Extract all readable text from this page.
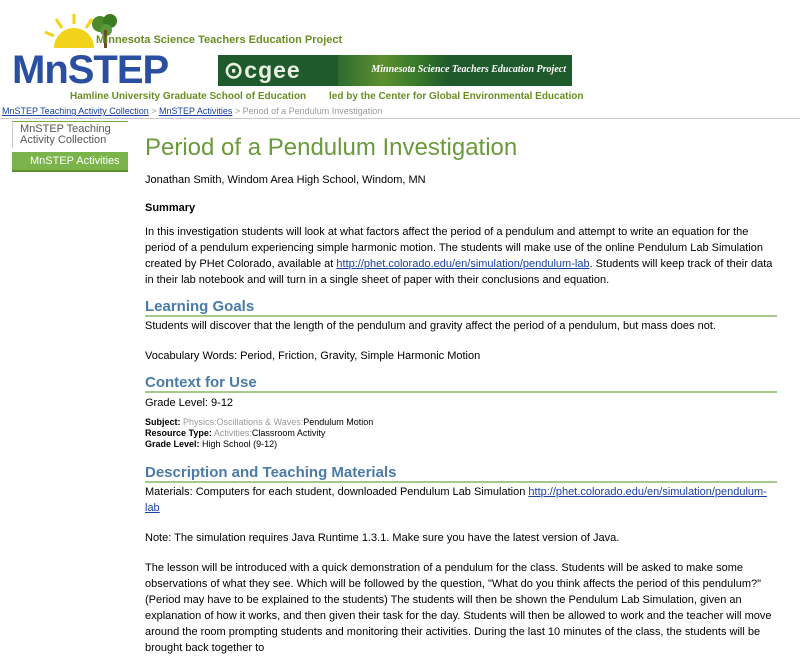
Minnesota Science Teachers Education Project
MnSTEP
Hamline University Graduate School of Education
⊙cgee	Minnesota Science Teachers Education Project
led by the Center for Global Environmental Education
MnSTEP Teaching Activity Collection > MnSTEP Activities > Period of a Pendulum Investigation
MnSTEP Teaching Activity Collection
MnSTEP Activities	Period of a Pendulum Investigation
Jonathan Smith, Windom Area High School, Windom, MN
Summary

In this investigation students will look at what factors affect the period of a pendulum and attempt to write an equation for the period of a pendulum experiencing simple harmonic motion. The students will make use of the online Pendulum Lab Simulation created by PHet Colorado, available at http://phet.colorado.edu/en/simulation/pendulum-lab. Students will keep track of their data in their lab notebook and will turn in a single sheet of paper with their conclusions and equation.

Learning Goals

Students will discover that the length of the pendulum and gravity affect the period of a pendulum, but mass does not.

Vocabulary Words: Period, Friction, Gravity, Simple Harmonic Motion

Context for Use

Grade Level: 9-12

Subject: Physics:Oscillations & Waves:Pendulum Motion
Resource Type: Activities:Classroom Activity
Grade Level: High School (9-12)
Description and Teaching Materials

Materials: Computers for each student, downloaded Pendulum Lab Simulation http://phet.colorado.edu/en/simulation/pendulum-lab

Note: The simulation requires Java Runtime 1.3.1. Make sure you have the latest version of Java.

The lesson will be introduced with a quick demonstration of a pendulum for the class. Students will be asked to make some observations of what they see. Which will be followed by the question, "What do you think affects the period of this pendulum?" (Period may have to be explained to the students) The students will then be shown the Pendulum Lab Simulation, given an explanation of how it works, and then given their task for the day. Students will then be allowed to work and the teacher will move around the room prompting students and monitoring their activities. During the last 10 minutes of the class, the students will be brought back together to
